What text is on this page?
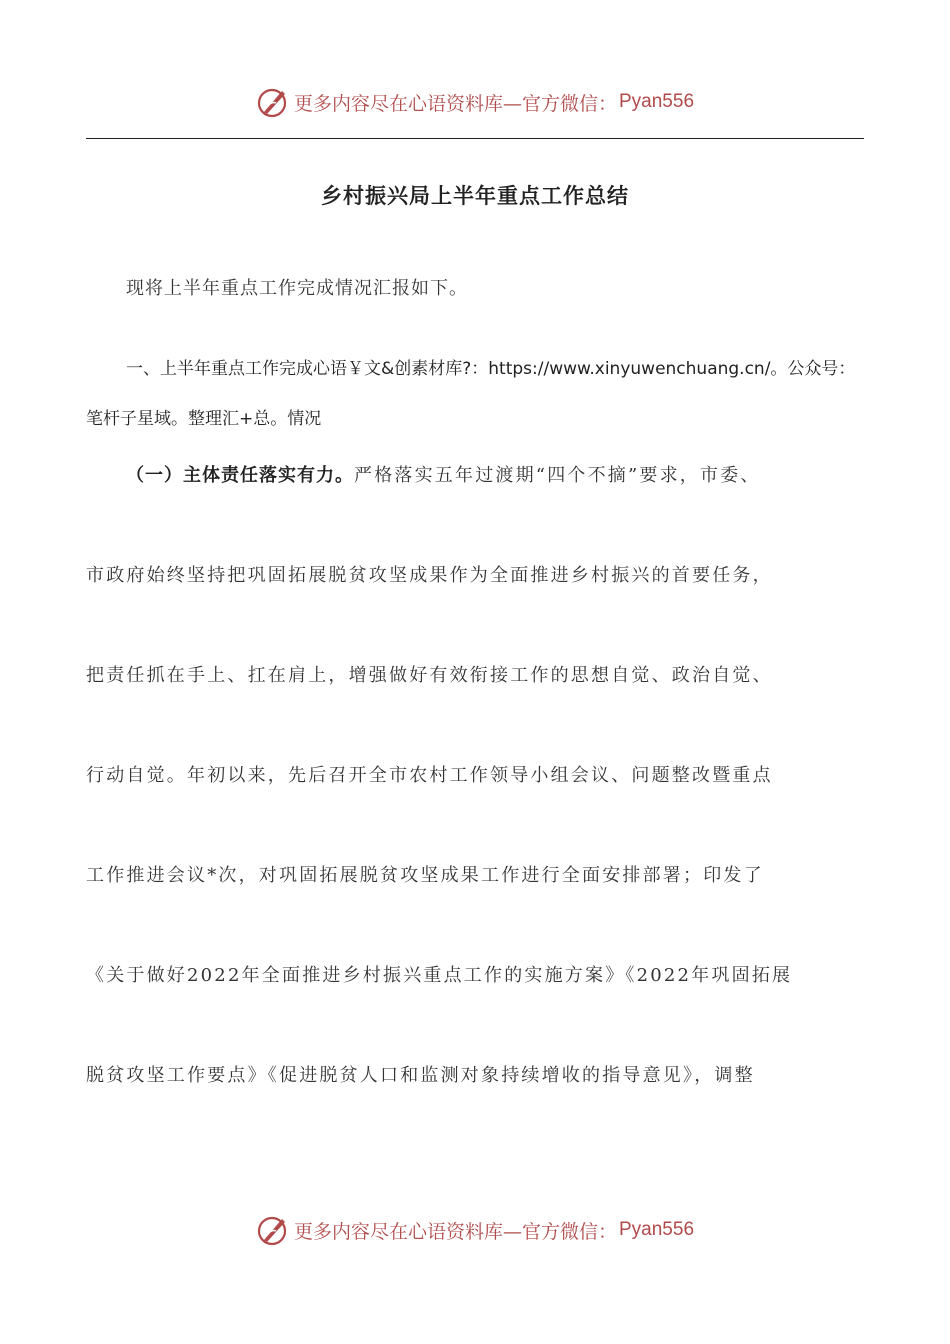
更多内容尽在心语资料库—官方微信： Pyan556
乡村振兴局上半年重点工作总结
现将上半年重点工作完成情况汇报如下。
一、上半年重点工作完成心语￥文&创素材库?：https://www.xinyuwenchuang.cn/。公众号：笔杆子星域。整理汇+总。情况
（一）主体责任落实有力。严格落实五年过渡期“四个不摘”要求，市委、
市政府始终坚持把巩固拓展脱贫攻坚成果作为全面推进乡村振兴的首要任务，
把责任抓在手上、扛在肩上，增强做好有效衔接工作的思想自觉、政治自觉、
行动自觉。年初以来，先后召开全市农村工作领导小组会议、问题整改暨重点
工作推进会议*次，对巩固拓展脱贫攻坚成果工作进行全面安排部署；印发了
《关于做好2022年全面推进乡村振兴重点工作的实施方案》《2022年巩固拓展
脱贫攻坚工作要点》《促进脱贫人口和监测对象持续增收的指导意见》，调整
更多内容尽在心语资料库—官方微信： Pyan556
